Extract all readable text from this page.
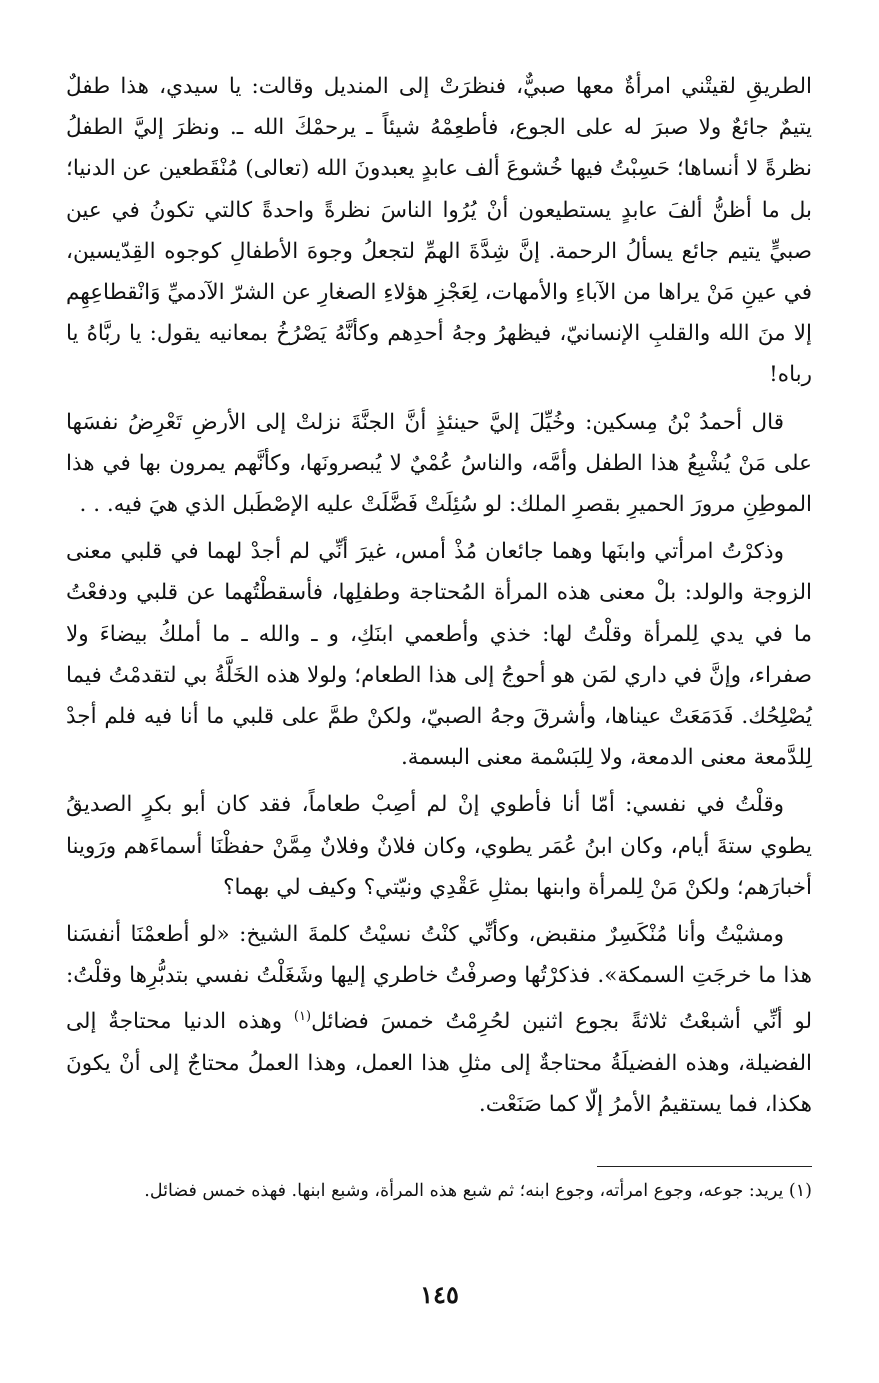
الطريقِ لقيتْني امرأةٌ معها صبيٌّ، فنظرَتْ إلى المنديل وقالت: يا سيدي، هذا طفلٌ يتيمٌ جائعٌ ولا صبرَ له على الجوع، فأطعِمْهُ شيئاً ـ يرحمْكَ الله ـ. ونظرَ إليَّ الطفلُ نظرةً لا أنساها؛ حَسِبْتُ فيها خُشوعَ ألف عابدٍ يعبدونَ الله (تعالى) مُنْقَطعين عن الدنيا؛ بل ما أظنُّ ألفَ عابدٍ يستطيعون أنْ يُرُوا الناسَ نظرةً واحدةً كالتي تكونُ في عين صبيٍّ يتيم جائع يسألُ الرحمة. إنَّ شِدَّةَ الهمِّ لتجعلُ وجوهَ الأطفالِ كوجوه القِدّيسين، في عينِ مَنْ يراها من الآباءِ والأمهات، لِعَجْزِ هؤلاءِ الصغارِ عن الشرّ الآدميِّ وَانْقطاعِهِم إلا منَ الله والقلبِ الإنسانيّ، فيظهرُ وجهُ أحدِهم وكأنَّهُ يَصْرُخُ بمعانيه يقول: يا ربَّاهُ يا رباه!

قال أحمدُ بْنُ مِسكين: وخُيِّلَ إليَّ حينئذٍ أنَّ الجنَّةَ نزلتْ إلى الأرضِ تَعْرِضُ نفسَها على مَنْ يُشْبِعُ هذا الطفل وأمَّه، والناسُ عُمْيٌ لا يُبصرونَها، وكأنَّهم يمرون بها في هذا الموطِنِ مرورَ الحميرِ بقصرِ الملك: لو سُئِلَتْ فَضَّلَتْ عليه الإصْطَبل الذي هيَ فيه. . .

وذكرْتُ امرأتي وابنَها وهما جائعان مُذْ أمس، غيرَ أنِّي لم أجدْ لهما في قلبي معنى الزوجة والولد: بلْ معنى هذه المرأة المُحتاجة وطفلِها، فأسقطْتُهما عن قلبي ودفعْتُ ما في يدي لِلمرأة وقلْتُ لها: خذي وأطعمي ابنَكِ، و ـ والله ـ ما أملكُ بيضاءَ ولا صفراء، وإنَّ في داري لمَن هو أحوجُ إلى هذا الطعام؛ ولولا هذه الخَلَّةُ بي لتقدمْتُ فيما يُصْلِحُك. فَدَمَعَتْ عيناها، وأشرقَ وجهُ الصبيّ، ولكنْ طمَّ على قلبي ما أنا فيه فلم أجدْ لِلدَّمعة معنى الدمعة، ولا لِلبَسْمة معنى البسمة.

وقلْتُ في نفسي: أمّا أنا فأطوي إنْ لم أصِبْ طعاماً، فقد كان أبو بكرٍ الصديقُ يطوي ستةَ أيام، وكان ابنُ عُمَر يطوي، وكان فلانٌ وفلانٌ مِمَّنْ حفظْنَا أسماءَهم ورَوينا أخبارَهم؛ ولكنْ مَنْ لِلمرأة وابنها بمثلِ عَقْدِي ونيّتي؟ وكيف لي بهما؟

ومشيْتُ وأنا مُنْكَسِرٌ منقبض، وكأنِّي كنْتُ نسيْتُ كلمةَ الشيخ: «لو أطعمْنَا أنفسَنا هذا ما خرجَتِ السمكة». فذكرْتُها وصرفْتُ خاطري إليها وشَغَلْتُ نفسي بتدبُّرِها وقلْتُ: لو أنِّي أشبعْتُ ثلاثةً بجوع اثنين لحُرِمْتُ خمسَ فضائل$^{(١)}$ وهذه الدنيا محتاجةٌ إلى الفضيلة، وهذه الفضيلَةُ محتاجةٌ إلى مثلِ هذا العمل، وهذا العملُ محتاجٌ إلى أنْ يكونَ هكذا، فما يستقيمُ الأمرُ إلّا كما صَنَعْت.

(١) يريد: جوعه، وجوع امرأته، وجوع ابنه؛ ثم شبع هذه المرأة، وشبع ابنها. فهذه خمس فضائل.

١٤٥
